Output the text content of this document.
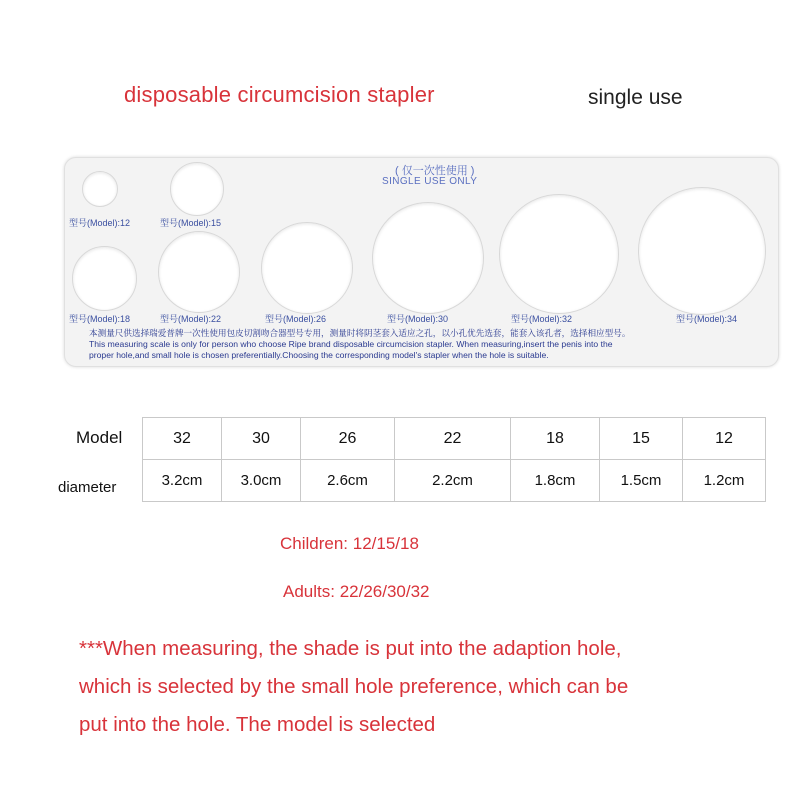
disposable circumcision stapler	single use
( 仅一次性使用 )
SINGLE USE ONLY
型号(Model):12	型号(Model):15
型号(Model):18	型号(Model):22	型号(Model):26	型号(Model):30	型号(Model):32	型号(Model):34
本测量尺供选择瑞爱普牌一次性使用包皮切割吻合器型号专用，测量时将阴茎套入适应之孔，以小孔优先选套，能套入该孔者，选择相应型号。
This measuring scale is only for person who choose Ripe brand disposable circumcision stapler. When measuring,insert the penis into the
proper hole,and small hole is chosen preferentially.Choosing the corresponding model's stapler when the hole is suitable.
Model
diameter
32	30	26	22	18	15	12
3.2cm	3.0cm	2.6cm	2.2cm	1.8cm	1.5cm	1.2cm
Children: 12/15/18
Adults: 22/26/30/32
***When measuring, the shade is put into the adaption hole,
which is selected by the small hole preference, which can be
put into the hole. The model is selected
